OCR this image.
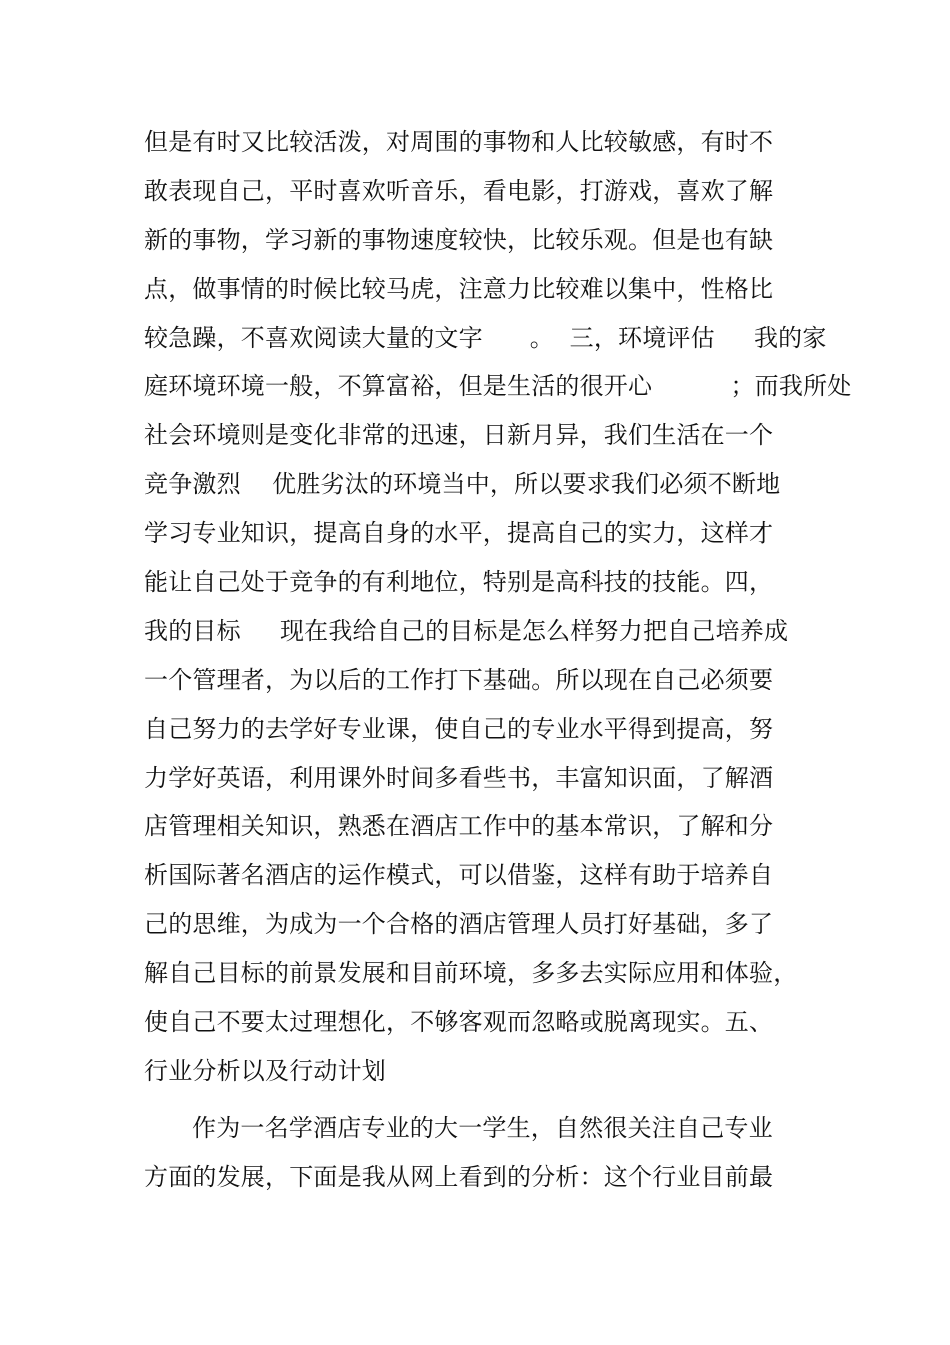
但是有时又比较活泼，对周围的事物和人比较敏感，有时不
敢表现自己，平时喜欢听音乐，看电影，打游戏，喜欢了解
新的事物，学习新的事物速度较快，比较乐观。但是也有缺
点，做事情的时候比较马虎，注意力比较难以集中，性格比
较急躁，不喜欢阅读大量的文字      。  三，环境评估     我的家
庭环境环境一般，不算富裕，但是生活的很开心          ；而我所处
社会环境则是变化非常的迅速，日新月异，我们生活在一个
竞争激烈    优胜劣汰的环境当中，所以要求我们必须不断地
学习专业知识，提高自身的水平，提高自己的实力，这样才
能让自己处于竞争的有利地位，特别是高科技的技能。四，
我的目标     现在我给自己的目标是怎么样努力把自己培养成
一个管理者，为以后的工作打下基础。所以现在自己必须要
自己努力的去学好专业课，使自己的专业水平得到提高，努
力学好英语，利用课外时间多看些书，丰富知识面，了解酒
店管理相关知识，熟悉在酒店工作中的基本常识，了解和分
析国际著名酒店的运作模式，可以借鉴，这样有助于培养自
己的思维，为成为一个合格的酒店管理人员打好基础，多了
解自己目标的前景发展和目前环境，多多去实际应用和体验，
使自己不要太过理想化，不够客观而忽略或脱离现实。五、
行业分析以及行动计划
作为一名学酒店专业的大一学生，自然很关注自己专业
方面的发展，下面是我从网上看到的分析：这个行业目前最
